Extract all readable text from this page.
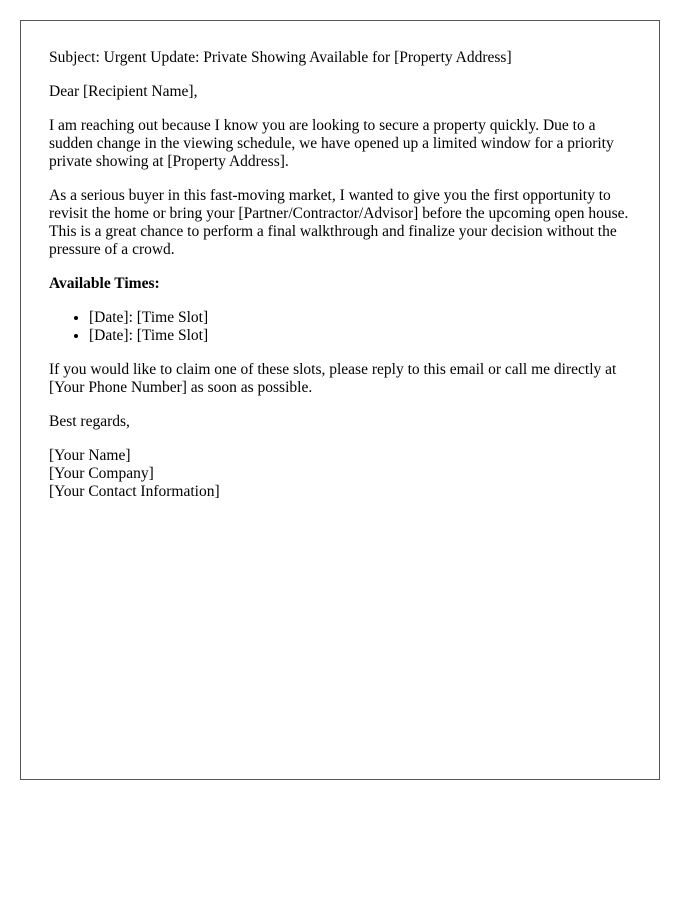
Subject: Urgent Update: Private Showing Available for [Property Address]

Dear [Recipient Name],

I am reaching out because I know you are looking to secure a property quickly. Due to a sudden change in the viewing schedule, we have opened up a limited window for a priority private showing at [Property Address].

As a serious buyer in this fast-moving market, I wanted to give you the first opportunity to revisit the home or bring your [Partner/Contractor/Advisor] before the upcoming open house. This is a great chance to perform a final walkthrough and finalize your decision without the pressure of a crowd.

Available Times:

• [Date]: [Time Slot]
• [Date]: [Time Slot]

If you would like to claim one of these slots, please reply to this email or call me directly at [Your Phone Number] as soon as possible.

Best regards,

[Your Name]
[Your Company]
[Your Contact Information]
